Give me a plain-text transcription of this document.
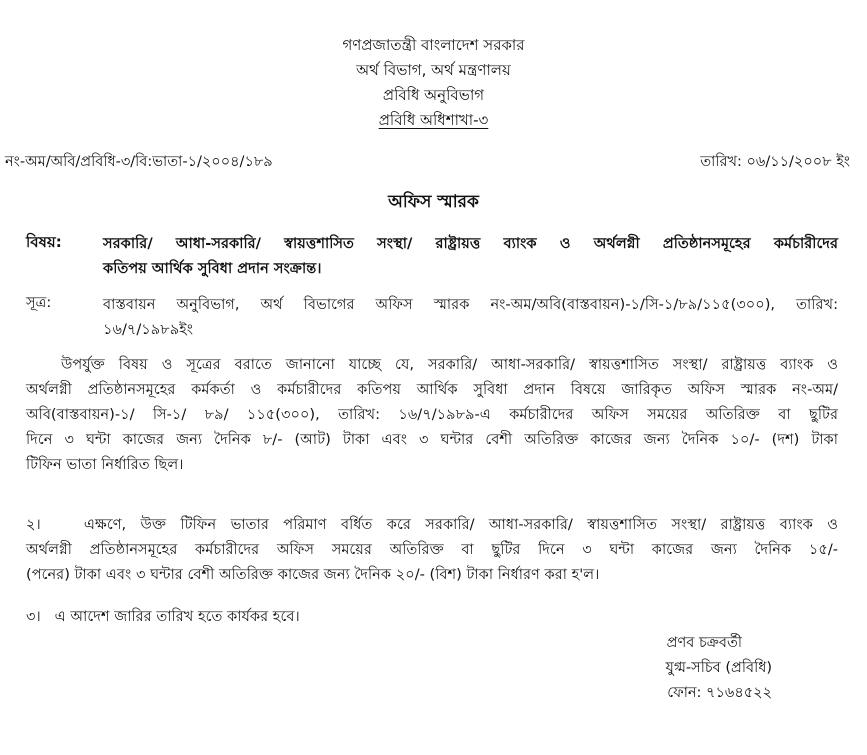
গণপ্রজাতন্ত্রী বাংলাদেশ সরকার
অর্থ বিভাগ, অর্থ মন্ত্রণালয়
প্রবিধি অনুবিভাগ
প্রবিধি অধিশাখা-৩
নং-অম/অবি/প্রবিধি-৩/বি:ভাতা-১/২০০৪/১৮৯	তারিখ: ০৬/১১/২০০৮ ইং
অফিস স্মারক
বিষয়:	সরকারি/ আধা-সরকারি/ স্বায়ত্তশাসিত সংস্থা/ রাষ্ট্রায়ত্ত ব্যাংক ও অর্থলগ্নী প্রতিষ্ঠানসমূহের কর্মচারীদের
কতিপয় আর্থিক সুবিধা প্রদান সংক্রান্ত।
সূত্র:	বাস্তবায়ন অনুবিভাগ, অর্থ বিভাগের অফিস স্মারক নং-অম/অবি(বাস্তবায়ন)-১/সি-১/৮৯/১১৫(৩০০), তারিখ:
১৬/৭/১৯৮৯ইং

উপর্যুক্ত বিষয় ও সূত্রের বরাতে জানানো যাচ্ছে যে, সরকারি/ আধা-সরকারি/ স্বায়ত্তশাসিত সংস্থা/ রাষ্ট্রায়ত্ত ব্যাংক ও

অর্থলগ্নী প্রতিষ্ঠানসমূহের কর্মকর্তা ও কর্মচারীদের কতিপয় আর্থিক সুবিধা প্রদান বিষয়ে জারিকৃত অফিস স্মারক নং-অম/

অবি(বাস্তবায়ন)-১/ সি-১/ ৮৯/ ১১৫(৩০০), তারিখ: ১৬/৭/১৯৮৯-এ কর্মচারীদের অফিস সময়ের অতিরিক্ত বা ছুটির

দিনে ৩ ঘন্টা কাজের জন্য দৈনিক ৮/- (আট) টাকা এবং ৩ ঘন্টার বেশী অতিরিক্ত কাজের জন্য দৈনিক ১০/- (দশ) টাকা

টিফিন ভাতা নির্ধারিত ছিল।

২।   এক্ষণে, উক্ত টিফিন ভাতার পরিমাণ বর্ধিত করে সরকারি/ আধা-সরকারি/ স্বায়ত্তশাসিত সংস্থা/ রাষ্ট্রায়ত্ত ব্যাংক ও

অর্থলগ্নী প্রতিষ্ঠানসমূহের কর্মচারীদের অফিস সময়ের অতিরিক্ত বা ছুটির দিনে ৩ ঘন্টা কাজের জন্য দৈনিক ১৫/-

(পনের) টাকা এবং ৩ ঘন্টার বেশী অতিরিক্ত কাজের জন্য দৈনিক ২০/- (বিশ) টাকা নির্ধারণ করা হ'ল।

৩।   এ আদেশ জারির তারিখ হতে কার্যকর হবে।
প্রণব চক্রবর্তী
যুগ্ম-সচিব (প্রবিধি)
ফোন: ৭১৬৪৫২২
